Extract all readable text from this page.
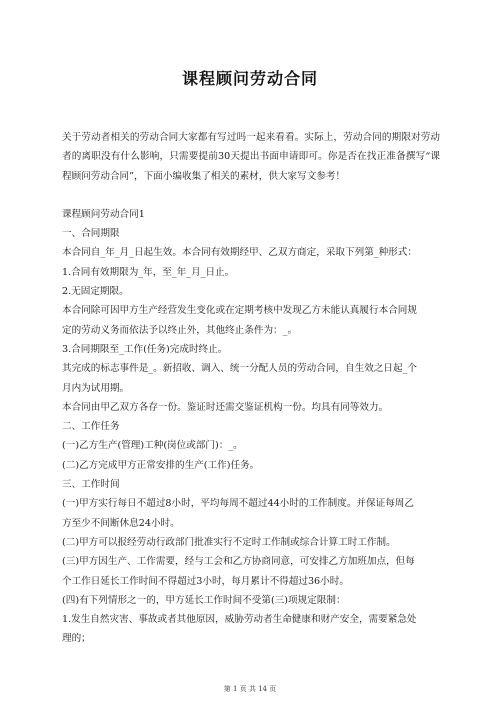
课程顾问劳动合同

关于劳动者相关的劳动合同大家都有写过吗一起来看看。实际上，劳动合同的期限对劳动者的离职没有什么影响，只需要提前30天提出书面申请即可。你是否在找正准备撰写“课程顾问劳动合同”，下面小编收集了相关的素材，供大家写文参考！

课程顾问劳动合同1

一、合同期限

本合同自_年_月_日起生效。本合同有效期经甲、乙双方商定，采取下列第_种形式：

1.合同有效期限为_年，至_年_月_日止。

2.无固定期限。

本合同除可因甲方生产经营发生变化或在定期考核中发现乙方未能认真履行本合同规

定的劳动义务而依法予以终止外，其他终止条件为：_。

3.合同期限至_工作(任务)完成时终止。

其完成的标志事件是_。新招收、调入、统一分配人员的劳动合同，自生效之日起_个

月内为试用期。

本合同由甲乙双方各存一份。鉴证时还需交鉴证机构一份。均具有同等效力。

二、工作任务

(一)乙方生产(管理)工种(岗位或部门)：_。

(二)乙方完成甲方正常安排的生产(工作)任务。

三、工作时间

(一)甲方实行每日不超过8小时，平均每周不超过44小时的工作制度。并保证每周乙

方至少不间断休息24小时。

(二)甲方可以报经劳动行政部门批准实行不定时工作制或综合计算工时工作制。

(三)甲方因生产、工作需要，经与工会和乙方协商同意，可安排乙方加班加点，但每

个工作日延长工作时间不得超过3小时，每月累计不得超过36小时。

(四)有下列情形之一的，甲方延长工作时间不受第(三)项规定限制：

1.发生自然灾害、事故或者其他原因，威胁劳动者生命健康和财产安全，需要紧急处

理的；

第 1 页 共 14 页
